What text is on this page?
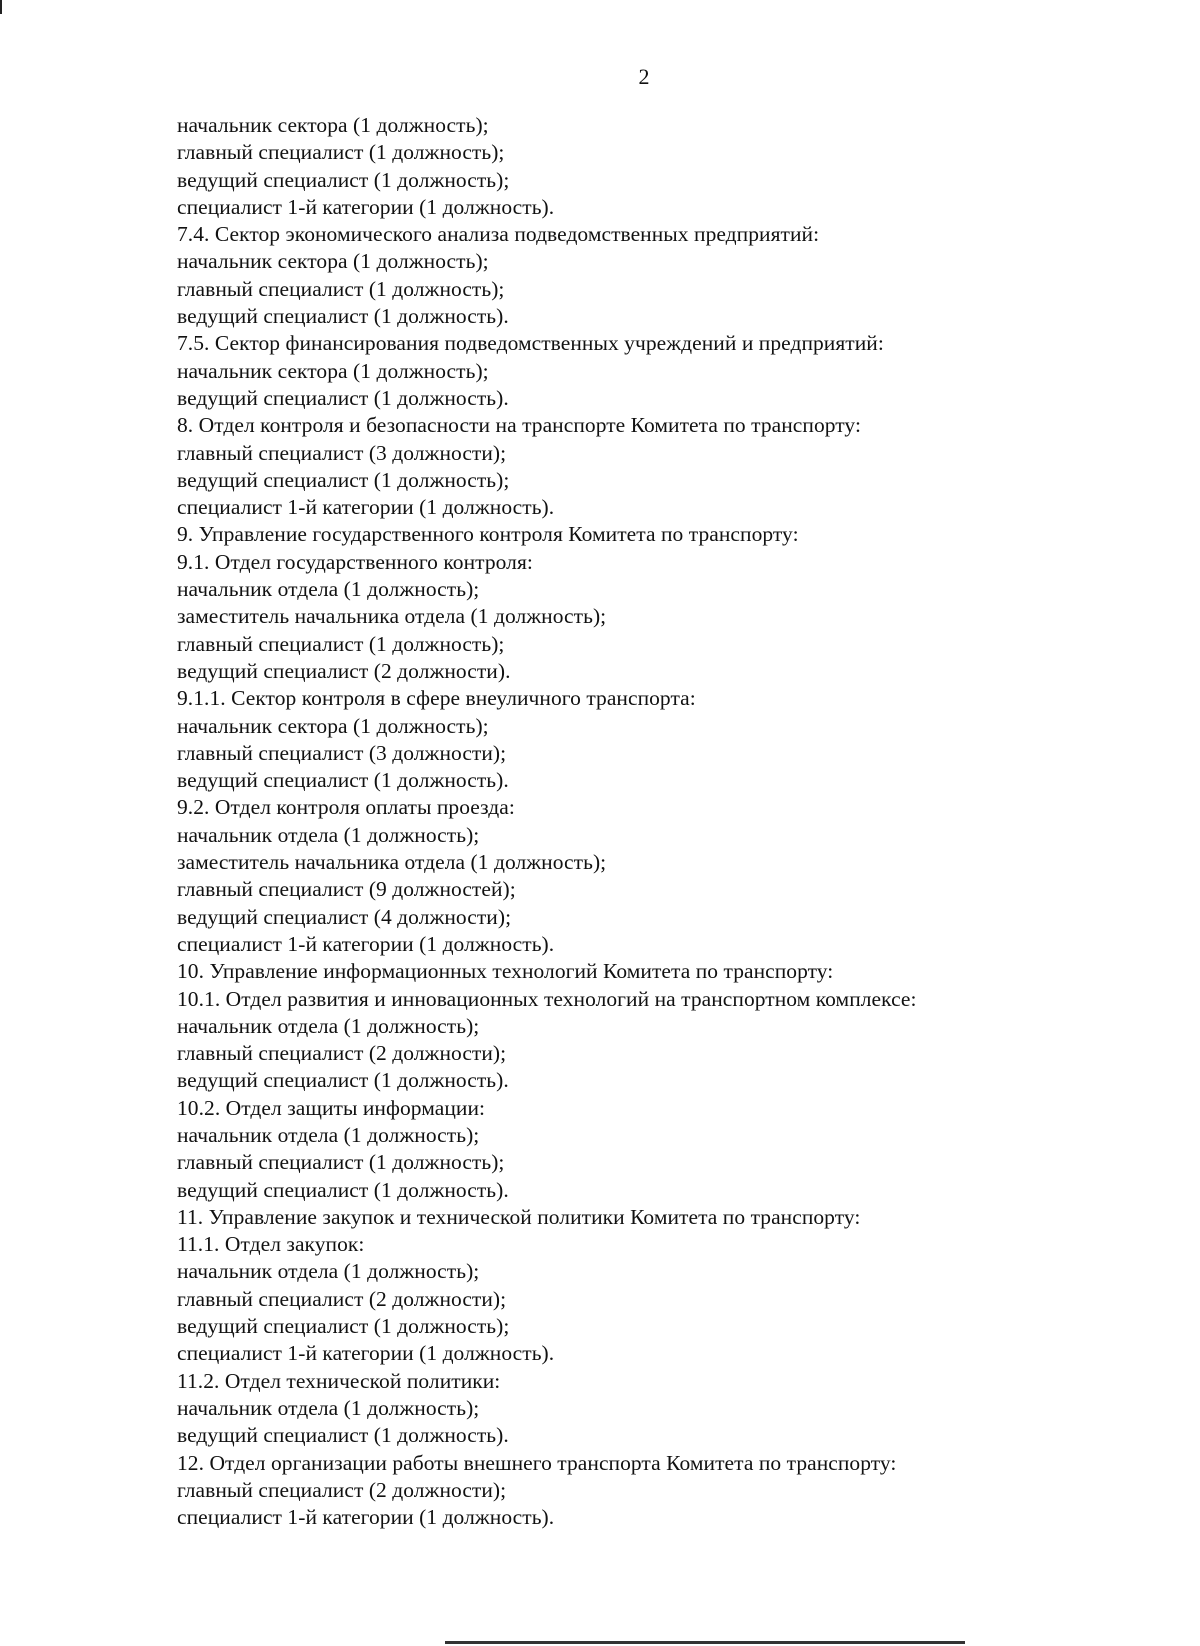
2
начальник сектора (1 должность);
главный специалист (1 должность);
ведущий специалист (1 должность);
специалист 1-й категории (1 должность).
7.4. Сектор экономического анализа подведомственных предприятий:
начальник сектора (1 должность);
главный специалист (1 должность);
ведущий специалист (1 должность).
7.5. Сектор финансирования подведомственных учреждений и предприятий:
начальник сектора (1 должность);
ведущий специалист (1 должность).
8. Отдел контроля и безопасности на транспорте Комитета по транспорту:
главный специалист (3 должности);
ведущий специалист (1 должность);
специалист 1-й категории (1 должность).
9. Управление государственного контроля Комитета по транспорту:
9.1. Отдел государственного контроля:
начальник отдела (1 должность);
заместитель начальника отдела (1 должность);
главный специалист (1 должность);
ведущий специалист (2 должности).
9.1.1. Сектор контроля в сфере внеуличного транспорта:
начальник сектора (1 должность);
главный специалист (3 должности);
ведущий специалист (1 должность).
9.2. Отдел контроля оплаты проезда:
начальник отдела (1 должность);
заместитель начальника отдела (1 должность);
главный специалист (9 должностей);
ведущий специалист (4 должности);
специалист 1-й категории (1 должность).
10. Управление информационных технологий Комитета по транспорту:
10.1. Отдел развития и инновационных технологий на транспортном комплексе:
начальник отдела (1 должность);
главный специалист (2 должности);
ведущий специалист (1 должность).
10.2. Отдел защиты информации:
начальник отдела (1 должность);
главный специалист (1 должность);
ведущий специалист (1 должность).
11. Управление закупок и технической политики Комитета по транспорту:
11.1. Отдел закупок:
начальник отдела (1 должность);
главный специалист (2 должности);
ведущий специалист (1 должность);
специалист 1-й категории (1 должность).
11.2. Отдел технической политики:
начальник отдела (1 должность);
ведущий специалист (1 должность).
12. Отдел организации работы внешнего транспорта Комитета по транспорту:
главный специалист (2 должности);
специалист 1-й категории (1 должность).
